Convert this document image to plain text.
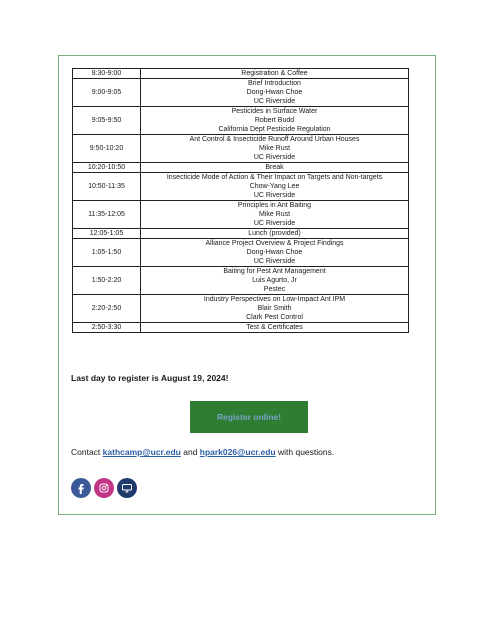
8:30-9:00	Registration & Coffee

9:00-9:05	Brief Introduction
Dong-Hwan Choe
UC Riverside

9:05-9:50	Pesticides in Surface Water
Robert Budd
California Dept Pesticide Regulation

9:50-10:20	Ant Control & Insecticide Runoff Around Urban Houses
Mike Rust
UC Riverside

10:20-10:50	Break

10:50-11:35	Insecticide Mode of Action & Their Impact on Targets and Non-targets
Chow-Yang Lee
UC Riverside

11:35-12:05	Principles in Ant Baiting
Mike Rust
UC Riverside

12:05-1:05	Lunch (provided)

1:05-1:50	Alliance Project Overview & Project Findings
Dong-Hwan Choe
UC Riverside

1:50-2:20	Baiting for Pest Ant Management
Luis Agurto, Jr
Pestec

2:20-2:50	Industry Perspectives on Low-Impact Ant IPM
Blair Smith
Clark Pest Control

2:50-3:30	Test & Certificates
Last day to register is August 19, 2024!
Register online!
Contact kathcamp@ucr.edu and hpark026@ucr.edu with questions.
